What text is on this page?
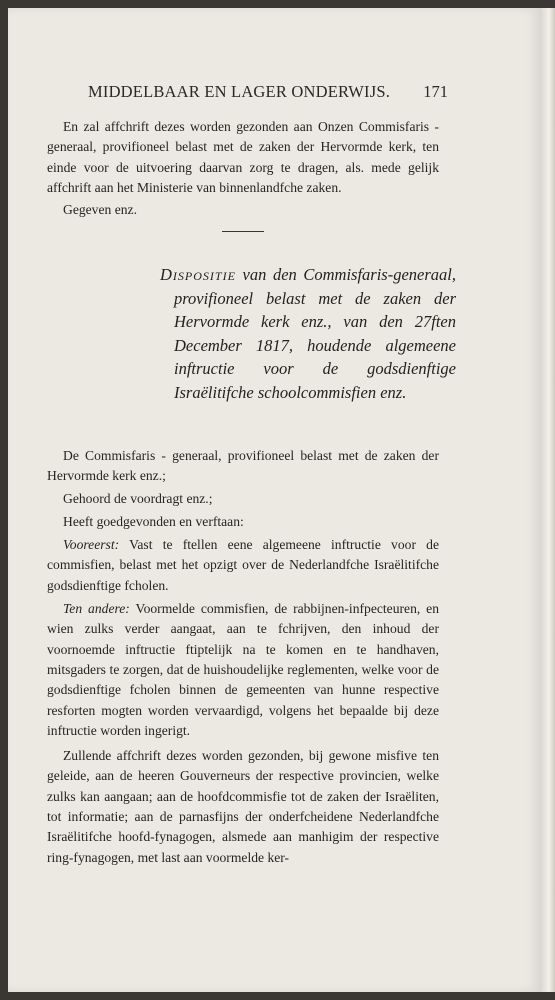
MIDDELBAAR EN LAGER ONDERWIJS. 171

En zal affchrift dezes worden gezonden aan Onzen Commisfaris - generaal, provifioneel belast met de zaken der Hervormde kerk, ten einde voor de uitvoering daarvan zorg te dragen, als. mede gelijk affchrift aan het Ministerie van binnenlandfche zaken.

Gegeven enz.

Dispositie van den Commisfaris-generaal, provifioneel belast met de zaken der Hervormde kerk enz., van den 27ften December 1817, houdende algemeene inftructie voor de godsdienftige Israëlitifche schoolcommisfien enz.

De Commisfaris - generaal, provifioneel belast met de zaken der Hervormde kerk enz.;

Gehoord de voordragt enz.;

Heeft goedgevonden en verftaan:

Vooreerst: Vast te ftellen eene algemeene inftructie voor de commisfien, belast met het opzigt over de Nederlandfche Israëlitifche godsdienftige fcholen.

Ten andere: Voormelde commisfien, de rabbijnen-infpecteuren, en wien zulks verder aangaat, aan te fchrijven, den inhoud der voornoemde inftructie ftiptelijk na te komen en te handhaven, mitsgaders te zorgen, dat de huishoudelijke reglementen, welke voor de godsdienftige fcholen binnen de gemeenten van hunne respective resforten mogten worden vervaardigd, volgens het bepaalde bij deze inftructie worden ingerigt.

Zullende affchrift dezes worden gezonden, bij gewone misfive ten geleide, aan de heeren Gouverneurs der respective provincien, welke zulks kan aangaan; aan de hoofdcommisfie tot de zaken der Israëliten, tot informatie; aan de parnasfijns der onderfcheidene Nederlandfche Israëlitifche hoofd-fynagogen, alsmede aan manhigim der respective ring-fynagogen, met last aan voormelde ker-
